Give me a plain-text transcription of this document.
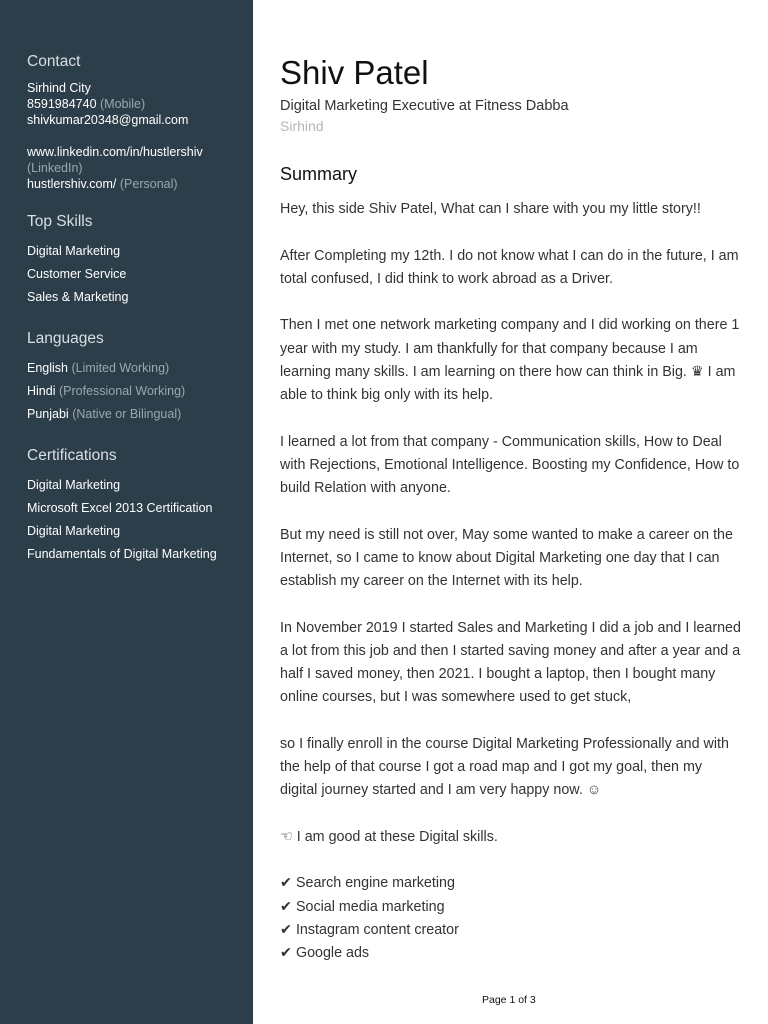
Contact
Sirhind City
8591984740 (Mobile)
shivkumar20348@gmail.com
www.linkedin.com/in/hustlershiv
(LinkedIn)
hustlershiv.com/ (Personal)
Top Skills
Digital Marketing
Customer Service
Sales & Marketing
Languages
English (Limited Working)
Hindi (Professional Working)
Punjabi (Native or Bilingual)
Certifications
Digital Marketing
Microsoft Excel 2013 Certification
Digital Marketing
Fundamentals of Digital Marketing
Shiv Patel

Digital Marketing Executive at Fitness Dabba

Sirhind

Summary

Hey, this side Shiv Patel, What can I share with you my little story!!

After Completing my 12th. I do not know what I can do in the future, I am total confused, I did think to work abroad as a Driver.

Then I met one network marketing company and I did working on there 1 year with my study. I am thankfully for that company because I am learning many skills. I am learning on there how can think in Big. ♛ I am able to think big only with its help.

I learned a lot from that company - Communication skills, How to Deal with Rejections, Emotional Intelligence. Boosting my Confidence, How to build Relation with anyone.

But my need is still not over, May some wanted to make a career on the Internet, so I came to know about Digital Marketing one day that I can establish my career on the Internet with its help.

In November 2019 I started Sales and Marketing I did a job and I learned a lot from this job and then I started saving money and after a year and a half I saved money, then 2021. I bought a laptop, then I bought many online courses, but I was somewhere used to get stuck,

so I finally enroll in the course Digital Marketing Professionally and with the help of that course I got a road map and I got my goal, then my digital journey started and I am very happy now. ☺

☜ I am good at these Digital skills.

✔ Search engine marketing
✔ Social media marketing
✔ Instagram content creator
✔ Google ads
Page 1 of 3
